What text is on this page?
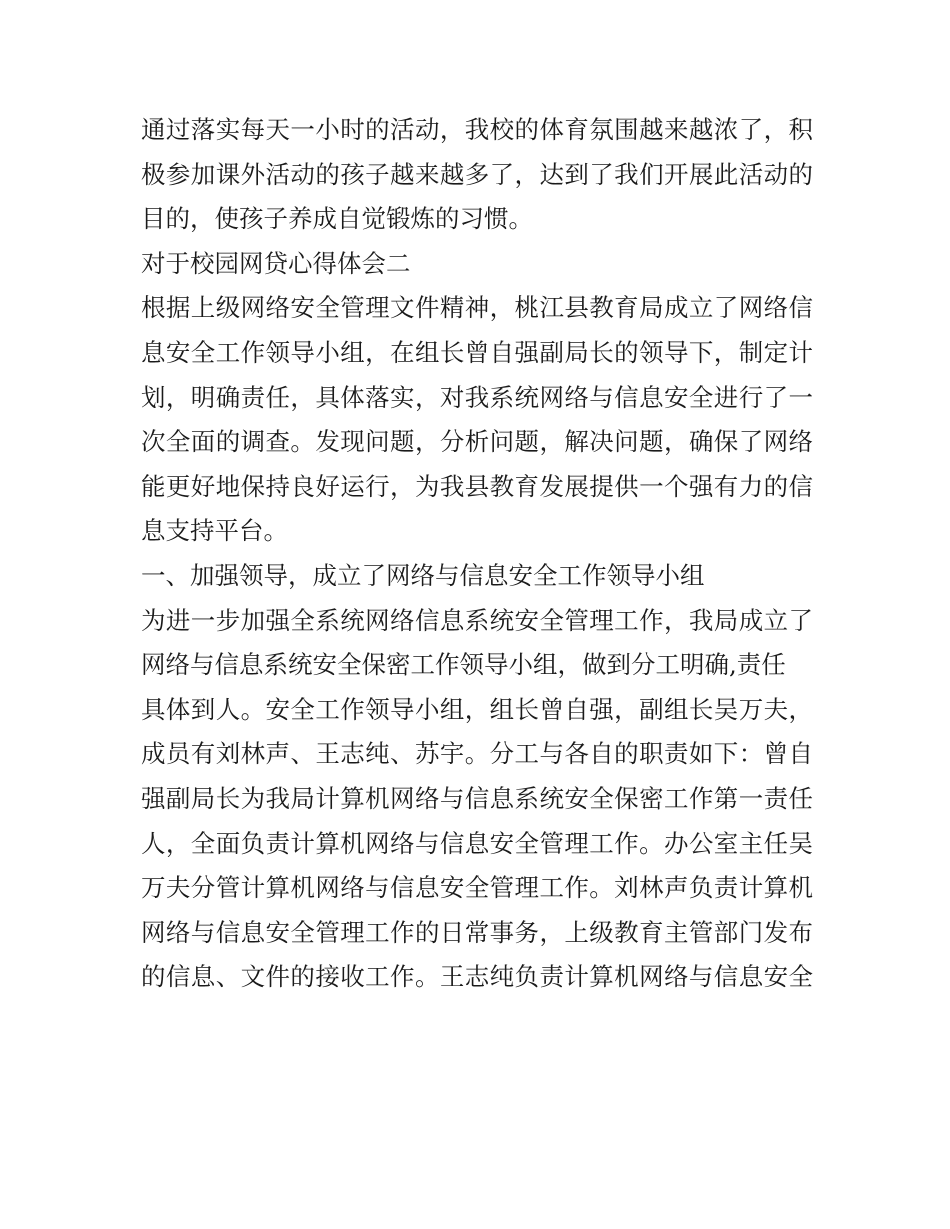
通过落实每天一小时的活动，我校的体育氛围越来越浓了，积
极参加课外活动的孩子越来越多了，达到了我们开展此活动的
目的，使孩子养成自觉锻炼的习惯。
对于校园网贷心得体会二
根据上级网络安全管理文件精神，桃江县教育局成立了网络信
息安全工作领导小组，在组长曾自强副局长的领导下，制定计
划，明确责任，具体落实，对我系统网络与信息安全进行了一
次全面的调查。发现问题，分析问题，解决问题，确保了网络
能更好地保持良好运行，为我县教育发展提供一个强有力的信
息支持平台。
一、加强领导，成立了网络与信息安全工作领导小组
为进一步加强全系统网络信息系统安全管理工作，我局成立了
网络与信息系统安全保密工作领导小组，做到分工明确,责任
具体到人。安全工作领导小组，组长曾自强，副组长吴万夫，
成员有刘林声、王志纯、苏宇。分工与各自的职责如下：曾自
强副局长为我局计算机网络与信息系统安全保密工作第一责任
人，全面负责计算机网络与信息安全管理工作。办公室主任吴
万夫分管计算机网络与信息安全管理工作。刘林声负责计算机
网络与信息安全管理工作的日常事务，上级教育主管部门发布
的信息、文件的接收工作。王志纯负责计算机网络与信息安全
